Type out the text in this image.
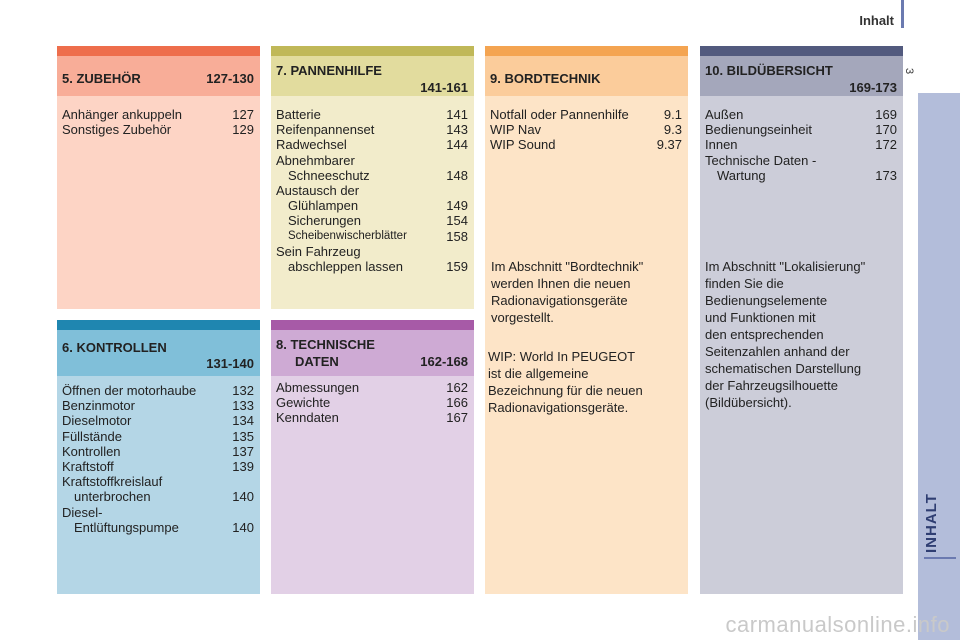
Inhalt
3
INHALT
5. ZUBEHÖR	127-130
Anhänger ankuppeln	127
Sonstiges Zubehör	129
7. PANNENHILFE
141-161
Batterie	141
Reifenpannenset	143
Radwechsel	144
Abnehmbarer
Schneeschutz	148
Austausch der
Glühlampen	149
Sicherungen	154
Scheibenwischerblätter	158
Sein Fahrzeug
abschleppen lassen	159
9. BORDTECHNIK
Notfall oder Pannenhilfe	9.1
WIP Nav	9.3
WIP Sound	9.37
Im Abschnitt "Bordtechnik"
werden Ihnen die neuen
Radionavigationsgeräte
vorgestellt.
WIP: World In PEUGEOT
ist die allgemeine
Bezeichnung für die neuen
Radionavigationsgeräte.
10. BILDÜBERSICHT
169-173
Außen	169
Bedienungseinheit	170
Innen	172
Technische Daten -
Wartung	173
Im Abschnitt "Lokalisierung"
finden Sie die
Bedienungselemente
und Funktionen mit
den entsprechenden
Seitenzahlen anhand der
schematischen Darstellung
der Fahrzeugsilhouette
(Bildübersicht).
6. KONTROLLEN
131-140
Öffnen der motorhaube	132
Benzinmotor	133
Dieselmotor	134
Füllstände	135
Kontrollen	137
Kraftstoff	139
Kraftstoffkreislauf
unterbrochen	140
Diesel-
Entlüftungspumpe	140
8. TECHNISCHE
DATEN	162-168
Abmessungen	162
Gewichte	166
Kenndaten	167
carmanualsonline.info
